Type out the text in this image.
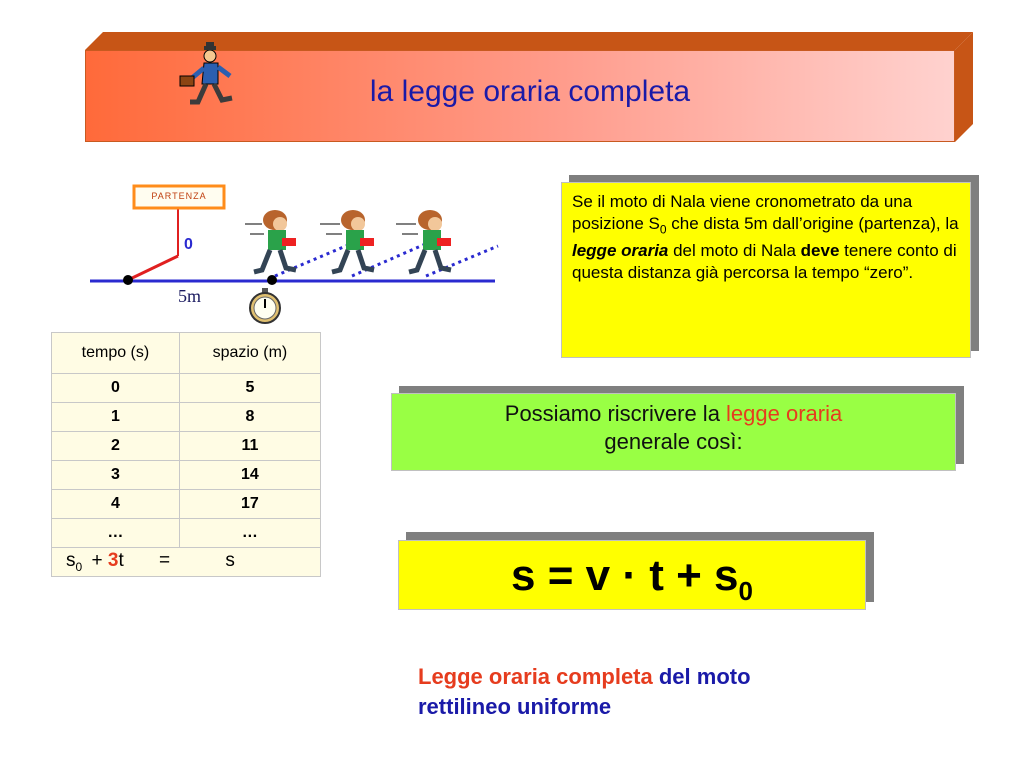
la legge oraria completa
PARTENZA
0
5m
tempo (s)	spazio (m)
0	5
1	8
2	11
3	14
4	17
…	…
$s_0 + 3t = s$	
Se il moto di Nala viene cronometrato da una posizione $S_0$ che dista 5m dall’origine (partenza), la legge oraria del moto di Nala deve tenere conto di questa distanza già percorsa la tempo “zero”.
Possiamo riscrivere la legge oraria
generale così:
$s = v \cdot t + s_0$
Legge oraria completa del moto
rettilineo uniforme
